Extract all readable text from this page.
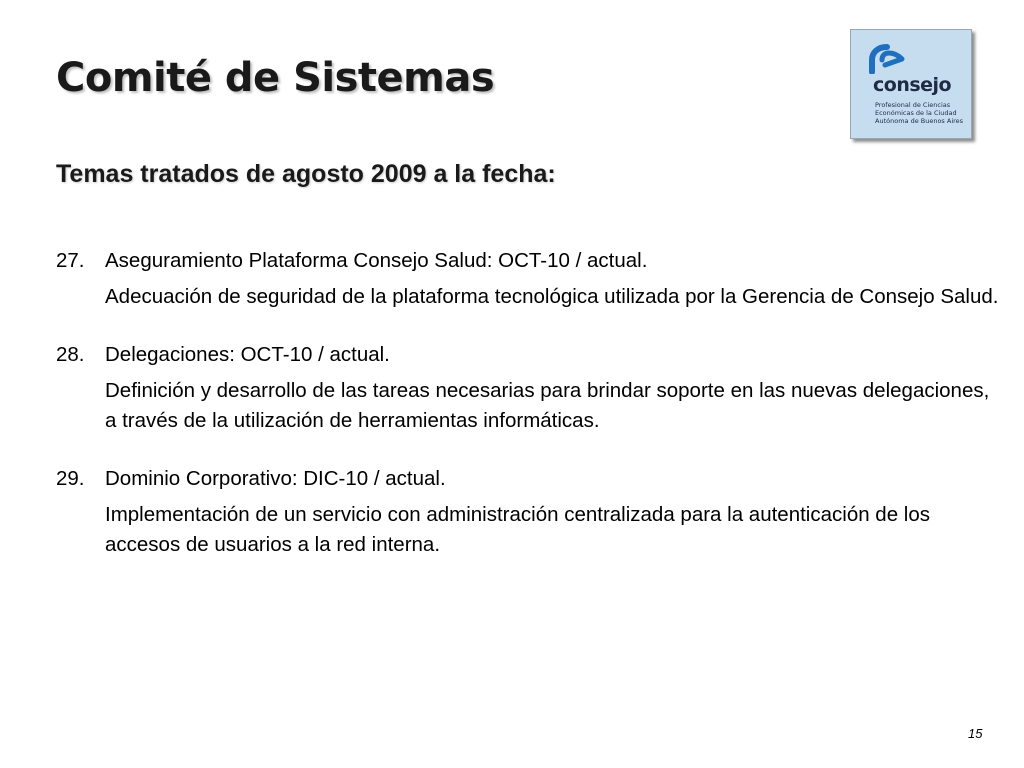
Comité de Sistemas	consejo
Profesional de Ciencias
Económicas de la Ciudad
Autónoma de Buenos Aires
Temas tratados de agosto 2009 a la fecha:
27.	Aseguramiento Plataforma Consejo Salud: OCT-10 / actual.
Adecuación de seguridad de la plataforma tecnológica utilizada por la Gerencia de Consejo Salud.
28.	Delegaciones: OCT-10 / actual.
Definición y desarrollo de las tareas necesarias para brindar soporte en las nuevas delegaciones, a través de la utilización de herramientas informáticas.
29.	Dominio Corporativo: DIC-10 / actual.
Implementación de un servicio con administración centralizada para la autenticación de los accesos de usuarios a la red interna.
15
